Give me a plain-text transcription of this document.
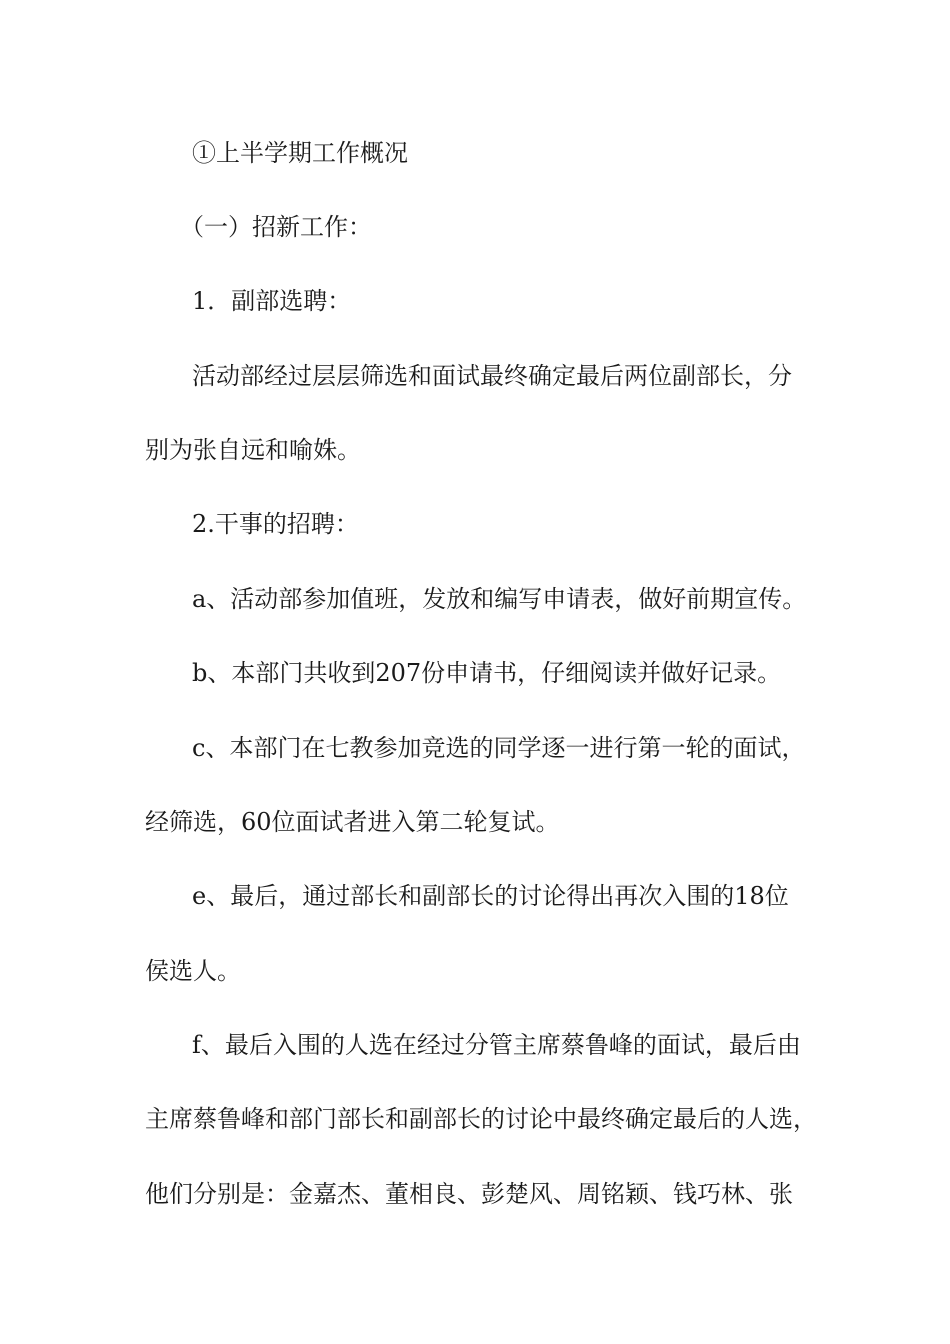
①上半学期工作概况
（一）招新工作：
1．副部选聘：
活动部经过层层筛选和面试最终确定最后两位副部长，分
别为张自远和喻姝。
2.干事的招聘：
a、活动部参加值班，发放和编写申请表，做好前期宣传。
b、本部门共收到207份申请书，仔细阅读并做好记录。
c、本部门在七教参加竞选的同学逐一进行第一轮的面试，
经筛选，60位面试者进入第二轮复试。
e、最后，通过部长和副部长的讨论得出再次入围的18位
侯选人。
f、最后入围的人选在经过分管主席蔡鲁峰的面试，最后由
主席蔡鲁峰和部门部长和副部长的讨论中最终确定最后的人选，
他们分别是：金嘉杰、董相良、彭楚风、周铭颖、钱巧林、张
